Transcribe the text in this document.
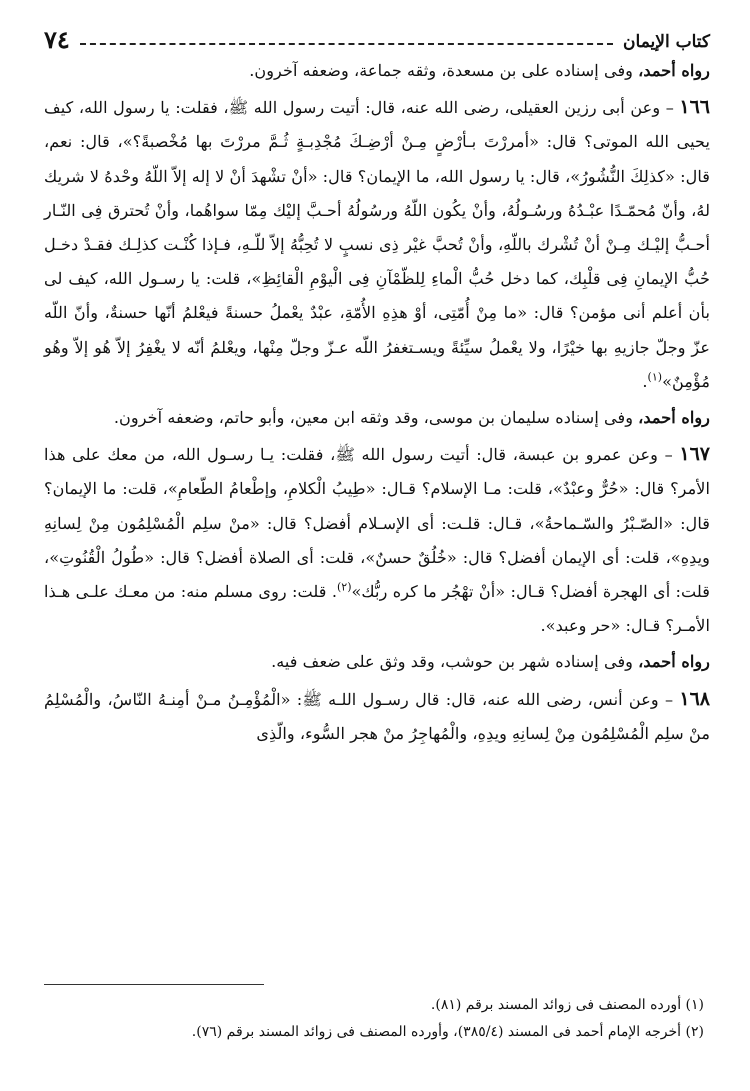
كتاب الإيمان
٧٤

رواه أحمد، وفى إسناده على بن مسعدة، وثقه جماعة، وضعفه آخرون.

١٦٦ – وعن أبى رزين العقيلى، رضى الله عنه، قال: أتيت رسول الله ﷺ، فقلت: يا رسول الله، كيف يحيى الله الموتى؟ قال: «أمررْتَ بـأرْضٍ مِـنْ أرْضِـكَ مُجْدِبـةٍ ثُـمَّ مررْتَ بها مُخْصبةً؟»، قال: نعم، قال: «كذلِكَ النُّشُورُ»، قال: يا رسول الله، ما الإيمان؟ قال: «أنْ تشْهدَ أنْ لا إله إلاّ اللّهُ وحْدهُ لا شريك لهُ، وأنّ مُحمّـدًا عبْـدُهُ ورسُـولُهُ، وأنْ يكُون اللّهُ ورسُولُهُ أحـبَّ إليْك مِمّا سواهُما، وأنْ تُحترق فِى النّـار أحـبُّ إليْـك مِـنْ أنْ تُشْرك باللّهِ، وأنْ تُحبَّ غيْر ذِى نسبٍ لا تُحِبُّهُ إلاّ للّـهِ، فـإذا كُنْـت كذلِـك فقـدْ دخـل حُبُّ الإيمانِ فِى قلْبِك، كما دخل حُبُّ الْماءِ لِلظّمْآنِ فِى الْيوْمِ الْقائِظِ»، قلت: يا رسـول الله، كيف لى بأن أعلم أنى مؤمن؟ قال: «ما مِنْ أُمّتِى، أوْ هذِهِ الأُمّةِ، عبْدٌ يعْملُ حسنةً فيعْلمُ أنّها حسنةٌ، وأنّ اللّه عزّ وجلّ جازيهِ بها خيْرًا، ولا يعْملُ سيِّئةً ويسـتغفرُ اللّه عـزّ وجلّ مِنْها، ويعْلمُ أنّه لا يغْفِرُ إلاّ هُو إلاّ وهُو مُؤْمِنٌ»$^{(١)}$.

رواه أحمد، وفى إسناده سليمان بن موسى، وقد وثقه ابن معين، وأبو حاتم، وضعفه آخرون.

١٦٧ – وعن عمرو بن عبسة، قال: أتيت رسول الله ﷺ، فقلت: يـا رسـول الله، من معك على هذا الأمر؟ قال: «حُرٌّ وعبْدٌ»، قلت: مـا الإسلام؟ قـال: «طِيبُ الْكلامِ، وإطْعامُ الطّعامِ»، قلت: ما الإيمان؟ قال: «الصّـبْرُ والسّـماحةُ»، قـال: قلـت: أى الإسـلام أفضل؟ قال: «منْ سلِم الْمُسْلِمُون مِنْ لِسانِهِ ويدِهِ»، قلت: أى الإيمان أفضل؟ قال: «خُلُقٌ حسنٌ»، قلت: أى الصلاة أفضل؟ قال: «طُولُ الْقُنُوتِ»، قلت: أى الهجرة أفضل؟ قـال: «أنْ تهْجُر ما كره ربُّك»$^{(٢)}$. قلت: روى مسلم منه: من معـك علـى هـذا الأمـر؟ قـال: «حر وعبد».

رواه أحمد، وفى إسناده شهر بن حوشب، وقد وثق على ضعف فيه.

١٦٨ – وعن أنس، رضى الله عنه، قال: قال رسـول اللـه ﷺ: «الْمُؤْمِـنُ مـنْ أمِنـهُ النّاسُ، والْمُسْلِمُ منْ سلِم الْمُسْلِمُون مِنْ لِسانِهِ ويدِهِ، والْمُهاجِرُ منْ هجر السُّوء، والّذِى

(١) أورده المصنف فى زوائد المسند برقم (٨١).

(٢) أخرجه الإمام أحمد فى المسند (٣٨٥/٤)، وأورده المصنف فى زوائد المسند برقم (٧٦).
